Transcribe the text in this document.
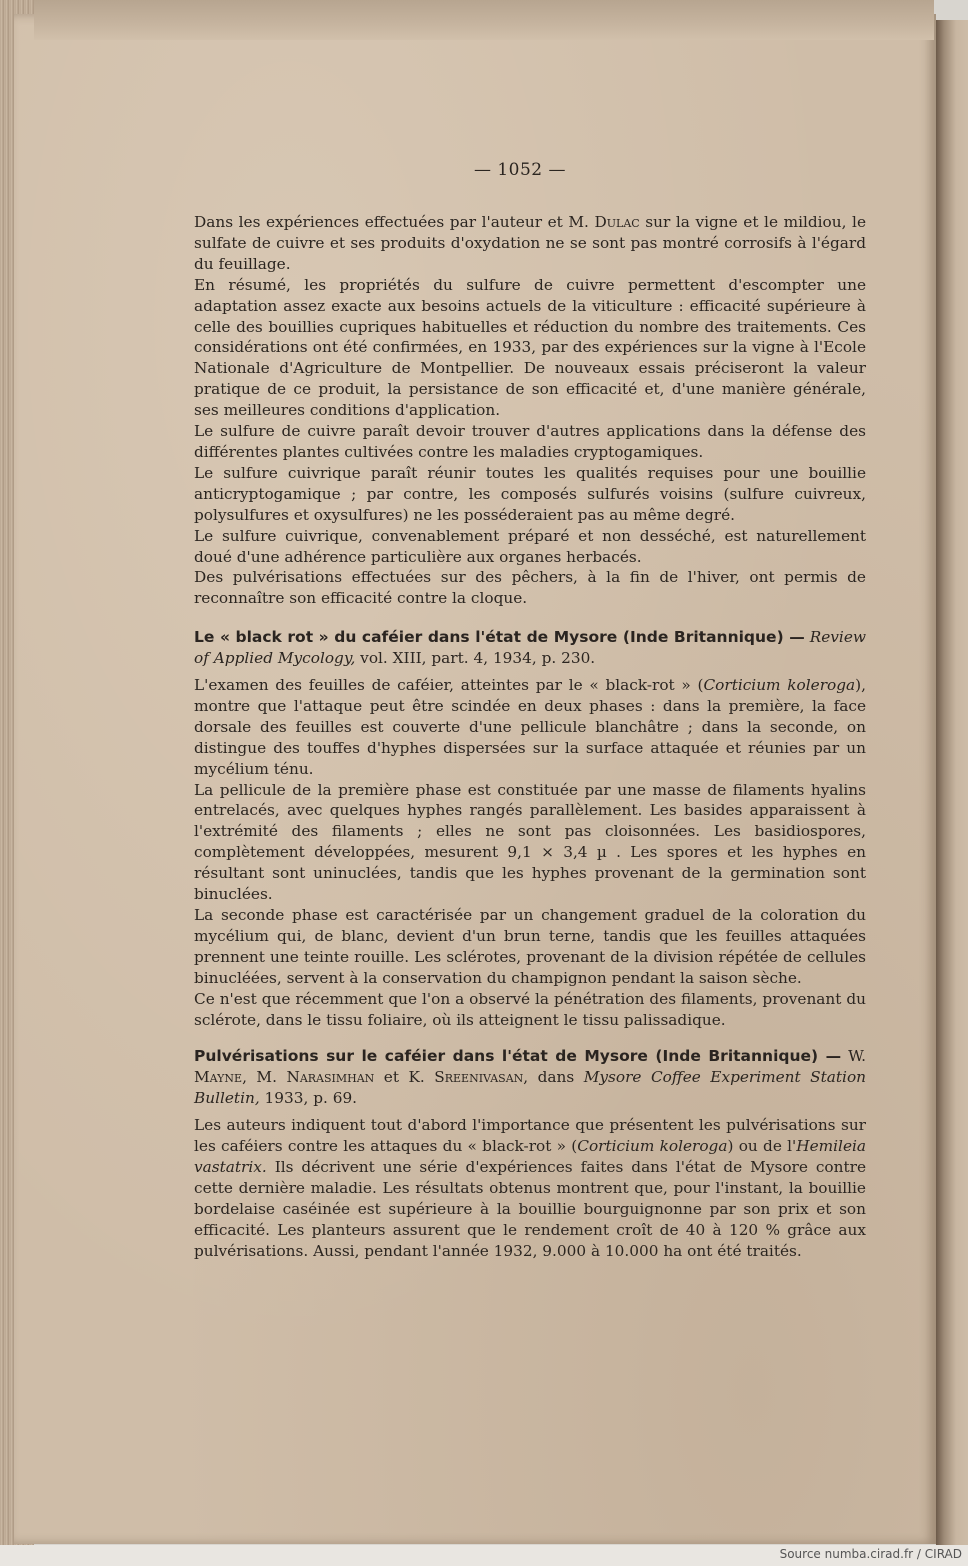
— 1052 —

Dans les expériences effectuées par l'auteur et M. Dulac sur la vigne et le mildiou, le sulfate de cuivre et ses produits d'oxydation ne se sont pas montré corrosifs à l'égard du feuillage.

En résumé, les propriétés du sulfure de cuivre permettent d'escompter une adaptation assez exacte aux besoins actuels de la viticulture : efficacité supérieure à celle des bouillies cupriques habituelles et réduction du nombre des traitements. Ces considérations ont été confirmées, en 1933, par des expériences sur la vigne à l'Ecole Nationale d'Agriculture de Montpellier. De nouveaux essais préciseront la valeur pratique de ce produit, la persistance de son efficacité et, d'une manière générale, ses meilleures conditions d'application.

Le sulfure de cuivre paraît devoir trouver d'autres applications dans la défense des différentes plantes cultivées contre les maladies cryptogamiques.

Le sulfure cuivrique paraît réunir toutes les qualités requises pour une bouillie anticryptogamique ; par contre, les composés sulfurés voisins (sulfure cuivreux, polysulfures et oxysulfures) ne les posséderaient pas au même degré.

Le sulfure cuivrique, convenablement préparé et non desséché, est naturellement doué d'une adhérence particulière aux organes herbacés.

Des pulvérisations effectuées sur des pêchers, à la fin de l'hiver, ont permis de reconnaître son efficacité contre la cloque.

Le « black rot » du caféier dans l'état de Mysore (Inde Britannique) — Review of Applied Mycology, vol. XIII, part. 4, 1934, p. 230.

L'examen des feuilles de caféier, atteintes par le « black-rot » (Corticium koleroga), montre que l'attaque peut être scindée en deux phases : dans la première, la face dorsale des feuilles est couverte d'une pellicule blanchâtre ; dans la seconde, on distingue des touffes d'hyphes dispersées sur la surface attaquée et réunies par un mycélium ténu.

La pellicule de la première phase est constituée par une masse de filaments hyalins entrelacés, avec quelques hyphes rangés parallèlement. Les basides apparaissent à l'extrémité des filaments ; elles ne sont pas cloisonnées. Les basidiospores, complètement développées, mesurent 9,1 × 3,4 µ . Les spores et les hyphes en résultant sont uninuclées, tandis que les hyphes provenant de la germination sont binuclées.

La seconde phase est caractérisée par un changement graduel de la coloration du mycélium qui, de blanc, devient d'un brun terne, tandis que les feuilles attaquées prennent une teinte rouille. Les sclérotes, provenant de la division répétée de cellules binucléées, servent à la conservation du champignon pendant la saison sèche.

Ce n'est que récemment que l'on a observé la pénétration des filaments, provenant du sclérote, dans le tissu foliaire, où ils atteignent le tissu palissadique.

Pulvérisations sur le caféier dans l'état de Mysore (Inde Britannique) — W. Mayne, M. Narasimhan et K. Sreenivasan, dans Mysore Coffee Experiment Station Bulletin, 1933, p. 69.

Les auteurs indiquent tout d'abord l'importance que présentent les pulvérisations sur les caféiers contre les attaques du « black-rot » (Corticium koleroga) ou de l'Hemileia vastatrix. Ils décrivent une série d'expériences faites dans l'état de Mysore contre cette dernière maladie. Les résultats obtenus montrent que, pour l'instant, la bouillie bordelaise caséinée est supérieure à la bouillie bourguignonne par son prix et son efficacité. Les planteurs assurent que le rendement croît de 40 à 120 % grâce aux pulvérisations. Aussi, pendant l'année 1932, 9.000 à 10.000 ha ont été traités.

Source numba.cirad.fr / CIRAD
